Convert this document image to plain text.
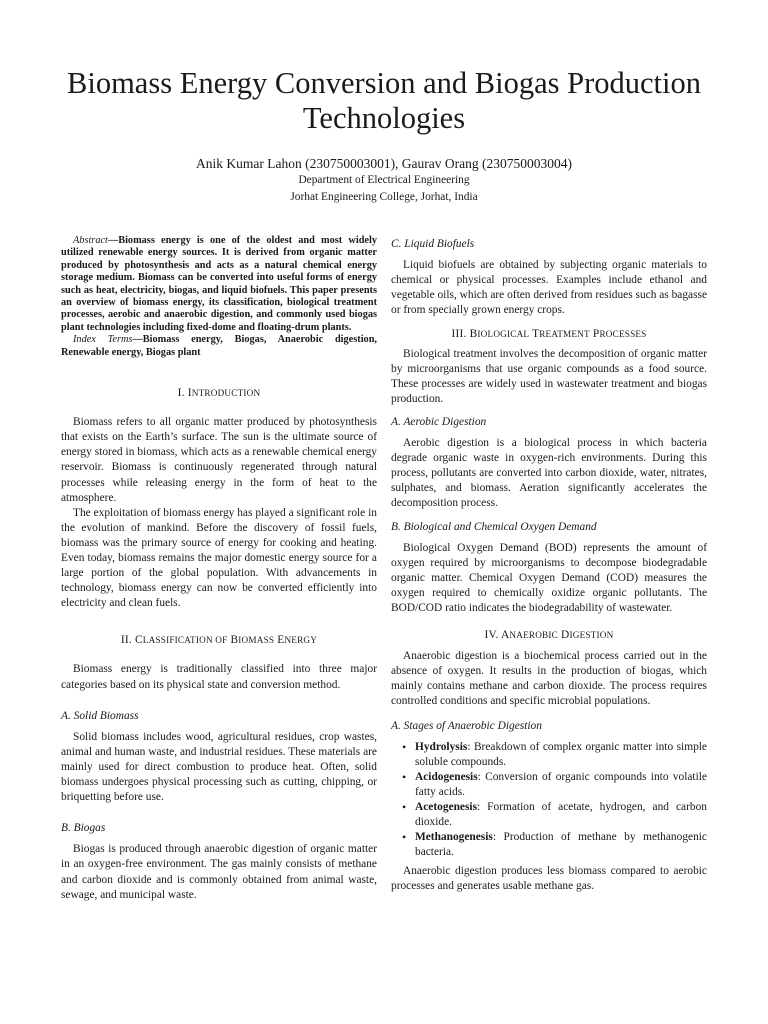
Biomass Energy Conversion and Biogas Production Technologies
Anik Kumar Lahon (230750003001), Gaurav Orang (230750003004)
Department of Electrical Engineering
Jorhat Engineering College, Jorhat, India

Abstract—Biomass energy is one of the oldest and most widely utilized renewable energy sources. It is derived from organic matter produced by photosynthesis and acts as a natural chemical energy storage medium. Biomass can be converted into useful forms of energy such as heat, electricity, biogas, and liquid biofuels. This paper presents an overview of biomass energy, its classification, biological treatment processes, aerobic and anaerobic digestion, and commonly used biogas plant technologies including fixed-dome and floating-drum plants.

Index Terms—Biomass energy, Biogas, Anaerobic digestion, Renewable energy, Biogas plant

I. INTRODUCTION

Biomass refers to all organic matter produced by photosynthesis that exists on the Earth’s surface. The sun is the ultimate source of energy stored in biomass, which acts as a renewable chemical energy reservoir. Biomass is continuously regenerated through natural processes while releasing energy in the form of heat to the atmosphere.

The exploitation of biomass energy has played a significant role in the evolution of mankind. Before the discovery of fossil fuels, biomass was the primary source of energy for cooking and heating. Even today, biomass remains the major domestic energy source for a large portion of the global population. With advancements in technology, biomass energy can now be converted efficiently into electricity and clean fuels.

II. CLASSIFICATION OF BIOMASS ENERGY

Biomass energy is traditionally classified into three major categories based on its physical state and conversion method.

A. Solid Biomass

Solid biomass includes wood, agricultural residues, crop wastes, animal and human waste, and industrial residues. These materials are mainly used for direct combustion to produce heat. Often, solid biomass undergoes physical processing such as cutting, chipping, or briquetting before use.

B. Biogas

Biogas is produced through anaerobic digestion of organic matter in an oxygen-free environment. The gas mainly consists of methane and carbon dioxide and is commonly obtained from animal waste, sewage, and municipal waste.

C. Liquid Biofuels

Liquid biofuels are obtained by subjecting organic materials to chemical or physical processes. Examples include ethanol and vegetable oils, which are often derived from residues such as bagasse or from specially grown energy crops.

III. BIOLOGICAL TREATMENT PROCESSES

Biological treatment involves the decomposition of organic matter by microorganisms that use organic compounds as a food source. These processes are widely used in wastewater treatment and biogas production.

A. Aerobic Digestion

Aerobic digestion is a biological process in which bacteria degrade organic waste in oxygen-rich environments. During this process, pollutants are converted into carbon dioxide, water, nitrates, sulphates, and biomass. Aeration significantly accelerates the decomposition process.

B. Biological and Chemical Oxygen Demand

Biological Oxygen Demand (BOD) represents the amount of oxygen required by microorganisms to decompose biodegradable organic matter. Chemical Oxygen Demand (COD) measures the oxygen required to chemically oxidize organic pollutants. The BOD/COD ratio indicates the biodegradability of wastewater.

IV. ANAEROBIC DIGESTION

Anaerobic digestion is a biochemical process carried out in the absence of oxygen. It results in the production of biogas, which mainly contains methane and carbon dioxide. The process requires controlled conditions and specific microbial populations.

A. Stages of Anaerobic Digestion
• Hydrolysis: Breakdown of complex organic matter into simple soluble compounds.
• Acidogenesis: Conversion of organic compounds into volatile fatty acids.
• Acetogenesis: Formation of acetate, hydrogen, and carbon dioxide.
• Methanogenesis: Production of methane by methanogenic bacteria.

Anaerobic digestion produces less biomass compared to aerobic processes and generates usable methane gas.
